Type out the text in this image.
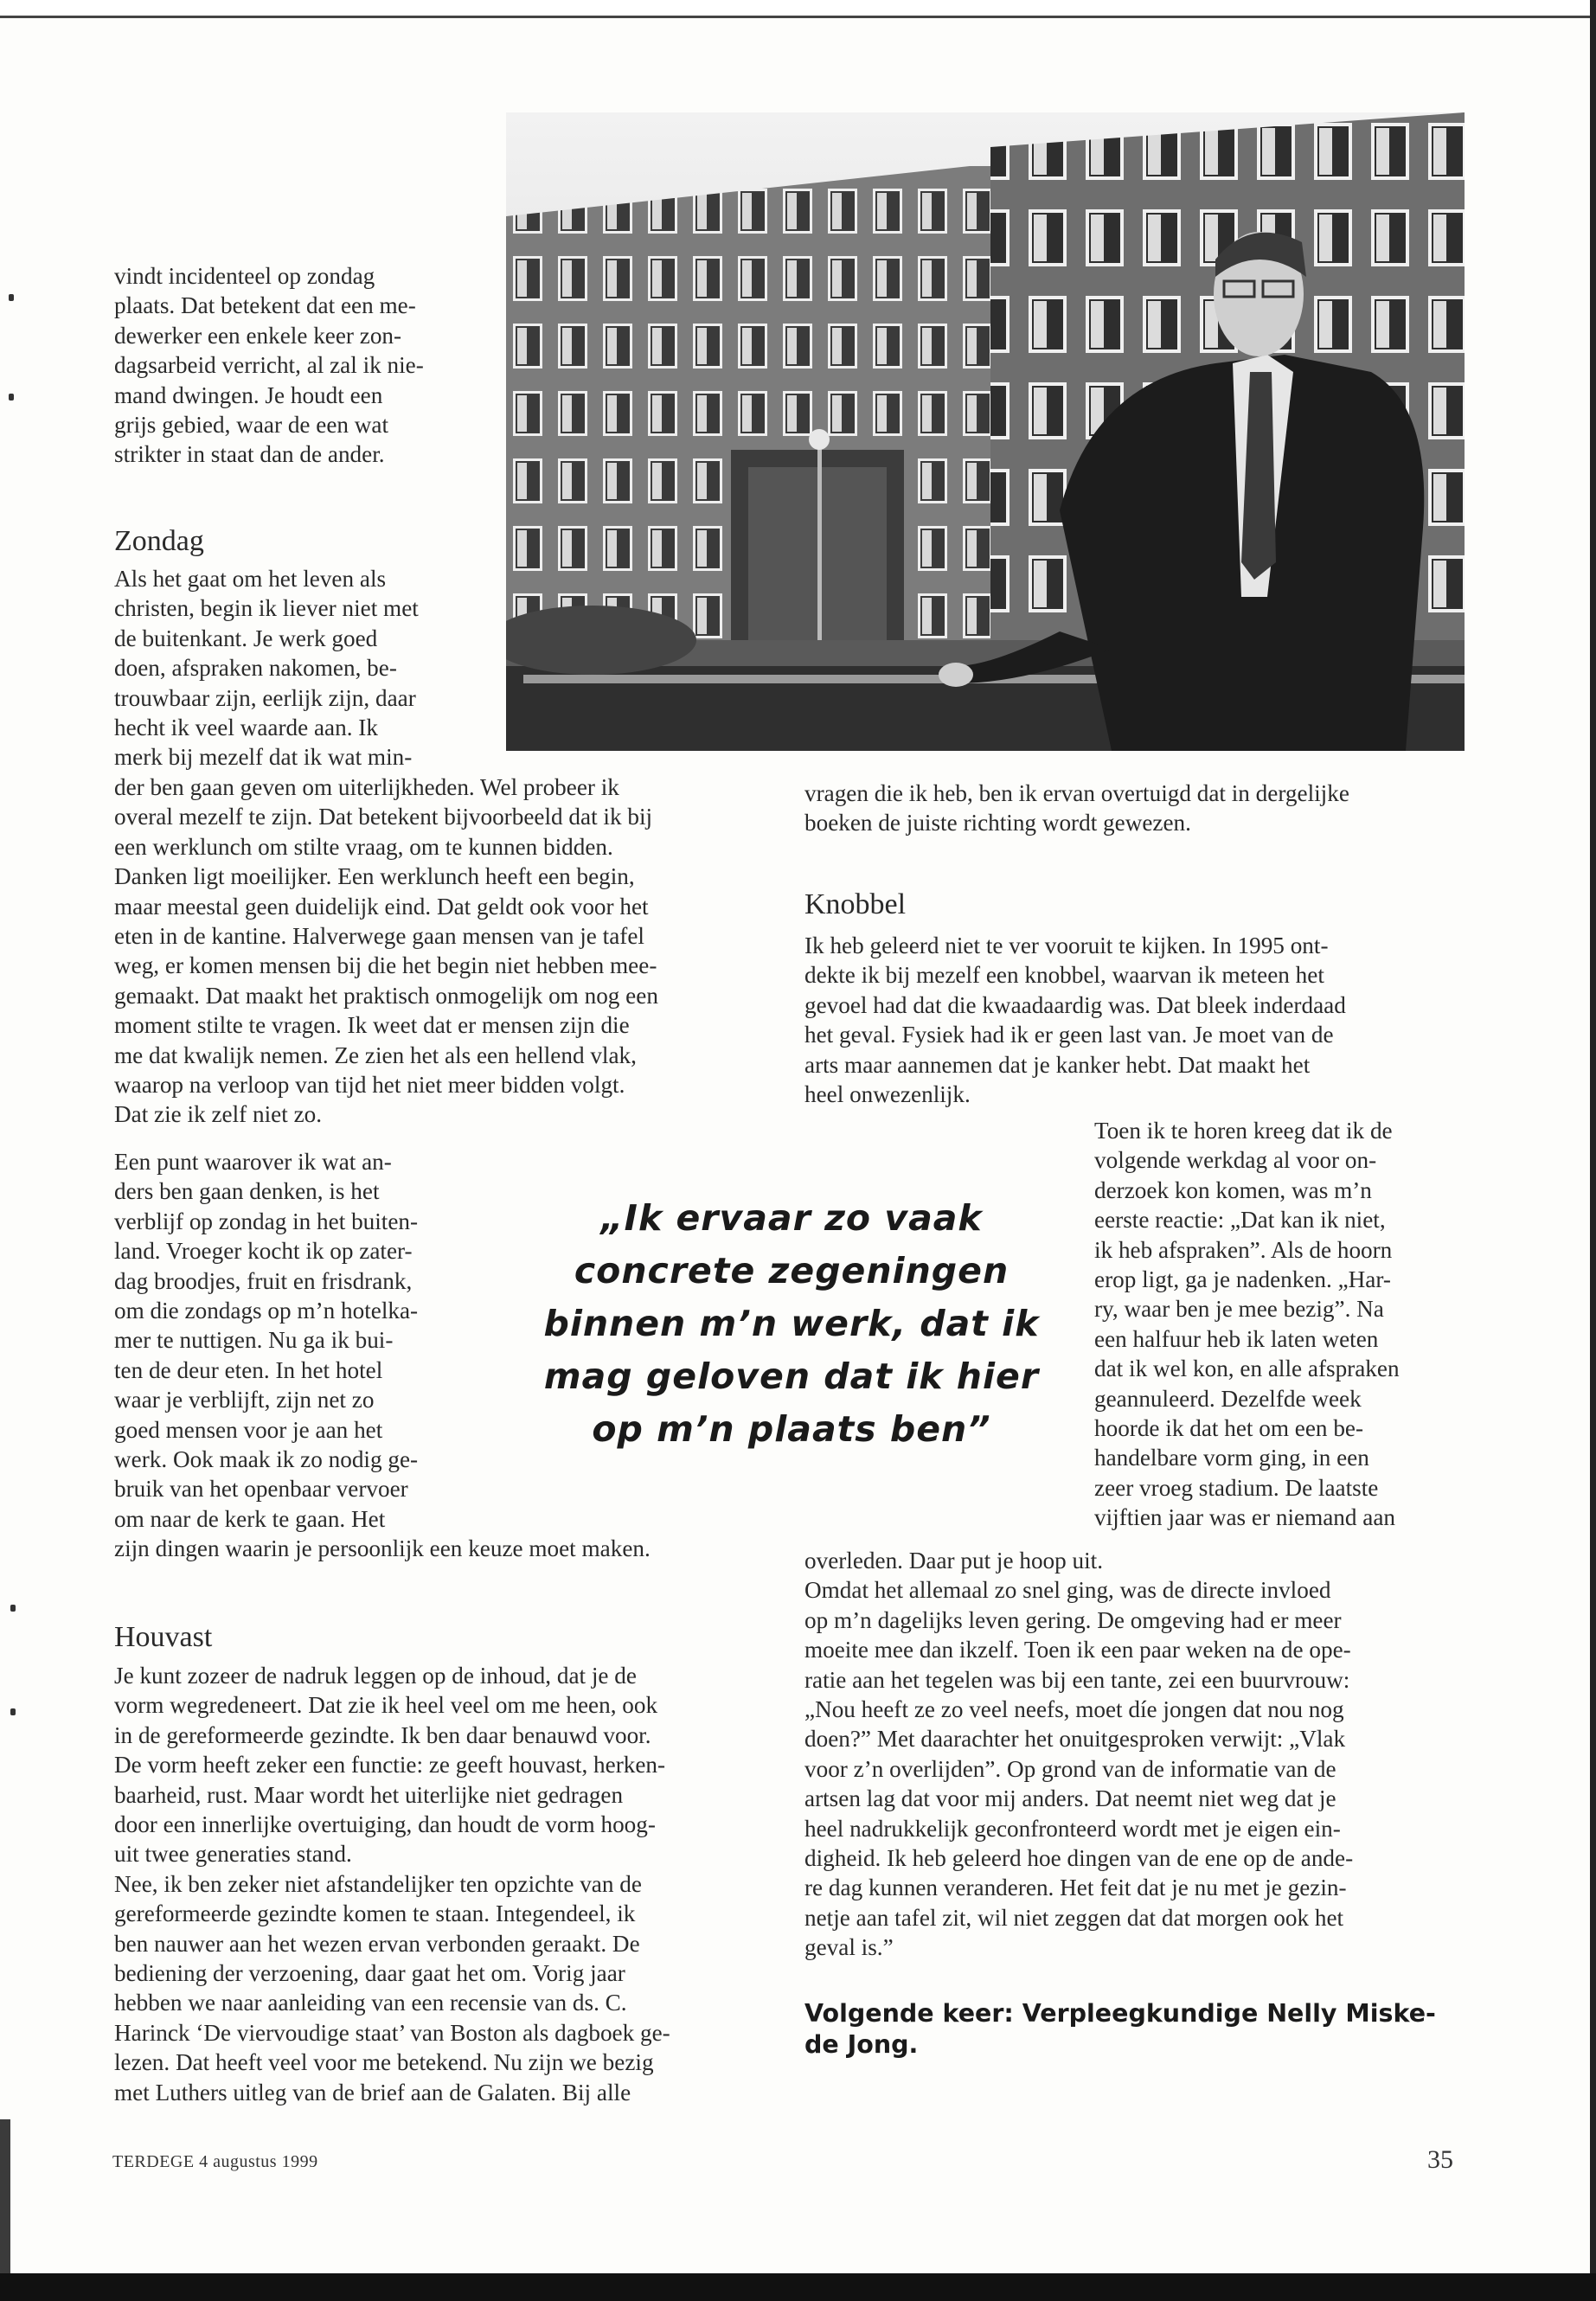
vindt incidenteel op zondag
plaats. Dat betekent dat een me-
dewerker een enkele keer zon-
dagsarbeid verricht, al zal ik nie-
mand dwingen. Je houdt een
grijs gebied, waar de een wat
strikter in staat dan de ander.
Zondag
Als het gaat om het leven als
christen, begin ik liever niet met
de buitenkant. Je werk goed
doen, afspraken nakomen, be-
trouwbaar zijn, eerlijk zijn, daar
hecht ik veel waarde aan. Ik
merk bij mezelf dat ik wat min-
der ben gaan geven om uiterlijkheden. Wel probeer ik
overal mezelf te zijn. Dat betekent bijvoorbeeld dat ik bij
een werklunch om stilte vraag, om te kunnen bidden.
Danken ligt moeilijker. Een werklunch heeft een begin,
maar meestal geen duidelijk eind. Dat geldt ook voor het
eten in de kantine. Halverwege gaan mensen van je tafel
weg, er komen mensen bij die het begin niet hebben mee-
gemaakt. Dat maakt het praktisch onmogelijk om nog een
moment stilte te vragen. Ik weet dat er mensen zijn die
me dat kwalijk nemen. Ze zien het als een hellend vlak,
waarop na verloop van tijd het niet meer bidden volgt.
Dat zie ik zelf niet zo.
Een punt waarover ik wat an-
ders ben gaan denken, is het
verblijf op zondag in het buiten-
land. Vroeger kocht ik op zater-
dag broodjes, fruit en frisdrank,
om die zondags op m’n hotelka-
mer te nuttigen. Nu ga ik bui-
ten de deur eten. In het hotel
waar je verblijft, zijn net zo
goed mensen voor je aan het
werk. Ook maak ik zo nodig ge-
bruik van het openbaar vervoer
om naar de kerk te gaan. Het
zijn dingen waarin je persoonlijk een keuze moet maken.
Houvast
Je kunt zozeer de nadruk leggen op de inhoud, dat je de
vorm wegredeneert. Dat zie ik heel veel om me heen, ook
in de gereformeerde gezindte. Ik ben daar benauwd voor.
De vorm heeft zeker een functie: ze geeft houvast, herken-
baarheid, rust. Maar wordt het uiterlijke niet gedragen
door een innerlijke overtuiging, dan houdt de vorm hoog-
uit twee generaties stand.
Nee, ik ben zeker niet afstandelijker ten opzichte van de
gereformeerde gezindte komen te staan. Integendeel, ik
ben nauwer aan het wezen ervan verbonden geraakt. De
bediening der verzoening, daar gaat het om. Vorig jaar
hebben we naar aanleiding van een recensie van ds. C.
Harinck ‘De viervoudige staat’ van Boston als dagboek ge-
lezen. Dat heeft veel voor me betekend. Nu zijn we bezig
met Luthers uitleg van de brief aan de Galaten. Bij alle
vragen die ik heb, ben ik ervan overtuigd dat in dergelijke
boeken de juiste richting wordt gewezen.
Knobbel
Ik heb geleerd niet te ver vooruit te kijken. In 1995 ont-
dekte ik bij mezelf een knobbel, waarvan ik meteen het
gevoel had dat die kwaadaardig was. Dat bleek inderdaad
het geval. Fysiek had ik er geen last van. Je moet van de
arts maar aannemen dat je kanker hebt. Dat maakt het
heel onwezenlijk.
Toen ik te horen kreeg dat ik de
volgende werkdag al voor on-
derzoek kon komen, was m’n
eerste reactie: „Dat kan ik niet,
ik heb afspraken”. Als de hoorn
erop ligt, ga je nadenken. „Har-
ry, waar ben je mee bezig”. Na
een halfuur heb ik laten weten
dat ik wel kon, en alle afspraken
geannuleerd. Dezelfde week
hoorde ik dat het om een be-
handelbare vorm ging, in een
zeer vroeg stadium. De laatste
vijftien jaar was er niemand aan
overleden. Daar put je hoop uit.
Omdat het allemaal zo snel ging, was de directe invloed
op m’n dagelijks leven gering. De omgeving had er meer
moeite mee dan ikzelf. Toen ik een paar weken na de ope-
ratie aan het tegelen was bij een tante, zei een buurvrouw:
„Nou heeft ze zo veel neefs, moet díe jongen dat nou nog
doen?” Met daarachter het onuitgesproken verwijt: „Vlak
voor z’n overlijden”. Op grond van de informatie van de
artsen lag dat voor mij anders. Dat neemt niet weg dat je
heel nadrukkelijk geconfronteerd wordt met je eigen ein-
digheid. Ik heb geleerd hoe dingen van de ene op de ande-
re dag kunnen veranderen. Het feit dat je nu met je gezin-
netje aan tafel zit, wil niet zeggen dat dat morgen ook het
geval is.”
„Ik ervaar zo vaak
concrete zegeningen
binnen m’n werk, dat ik
mag geloven dat ik hier
op m’n plaats ben”
Volgende keer: Verpleegkundige Nelly Miske-
de Jong.
TERDEGE 4 augustus 1999	35
